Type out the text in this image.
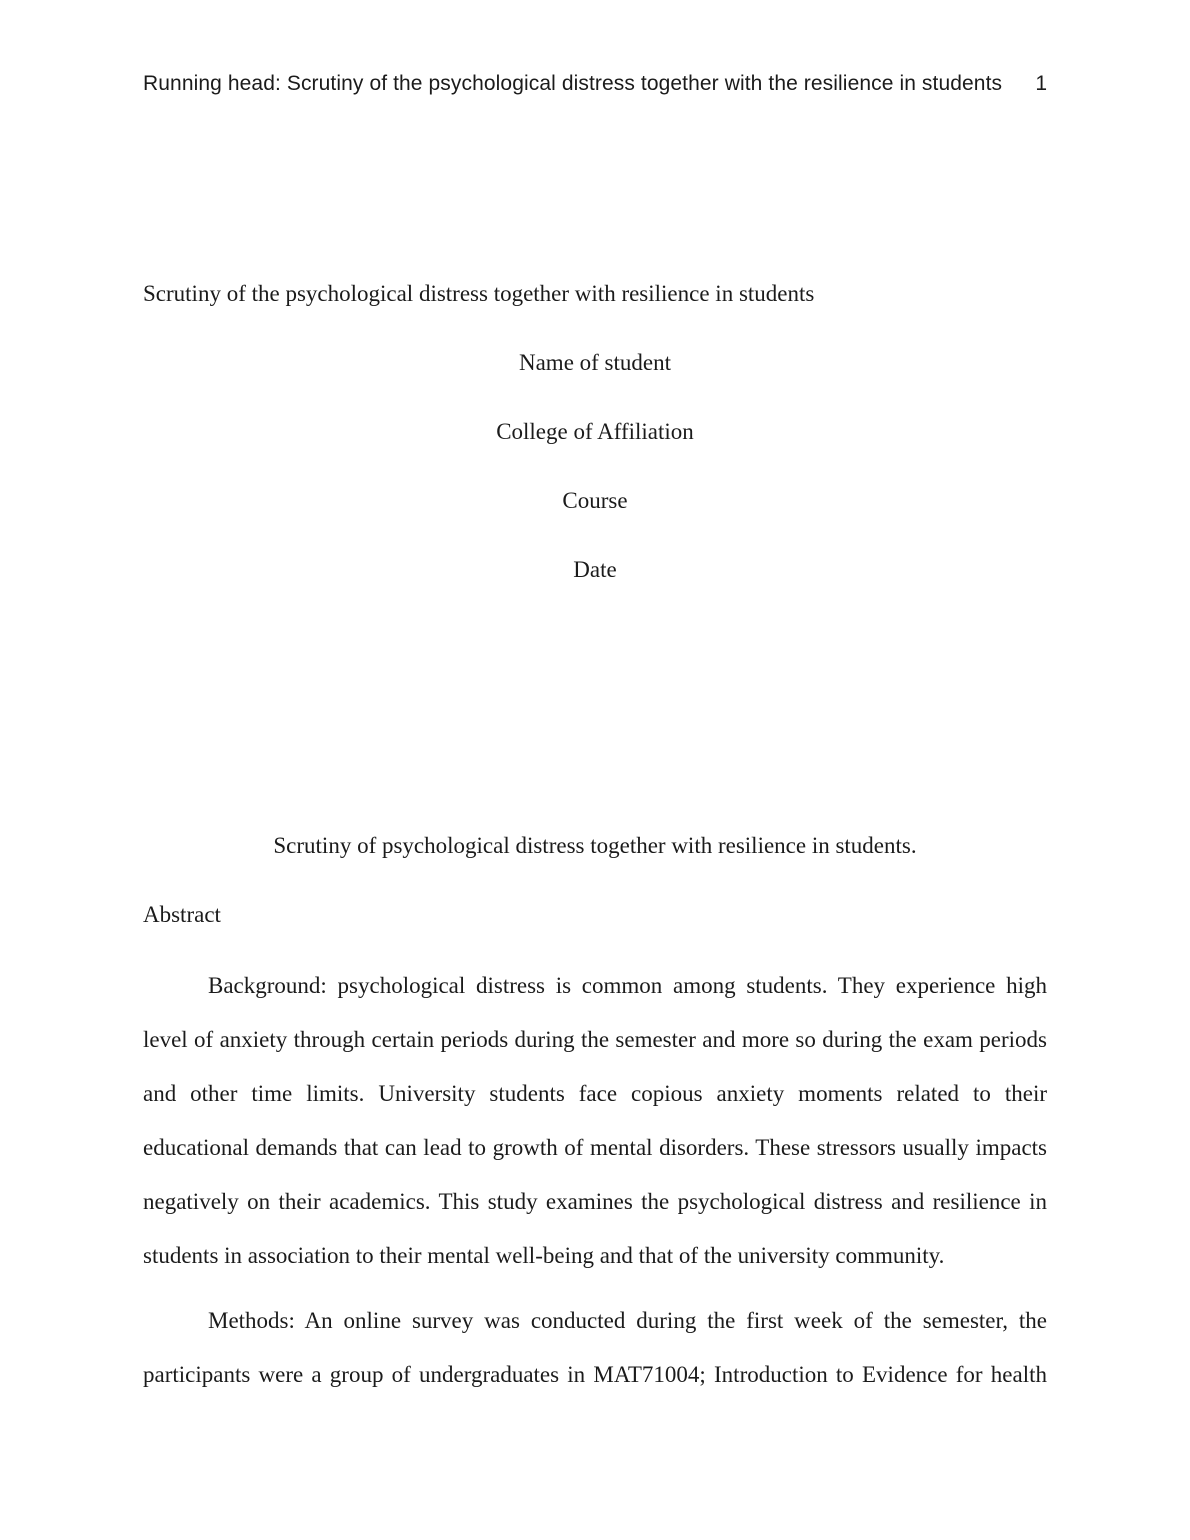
Running head: Scrutiny of the psychological distress together with the resilience in students 1
Scrutiny of the psychological distress together with resilience in students
Name of student
College of Affiliation
Course
Date
Scrutiny of psychological distress together with resilience in students.
Abstract
Background: psychological distress is common among students. They experience high
level of anxiety through certain periods during the semester and more so during the exam periods
and other time limits. University students face copious anxiety moments related to their
educational demands that can lead to growth of mental disorders. These stressors usually impacts
negatively on their academics. This study examines the psychological distress and resilience in
students in association to their mental well-being and that of the university community.
Methods: An online survey was conducted during the first week of the semester, the
participants were a group of undergraduates in MAT71004; Introduction to Evidence for health
